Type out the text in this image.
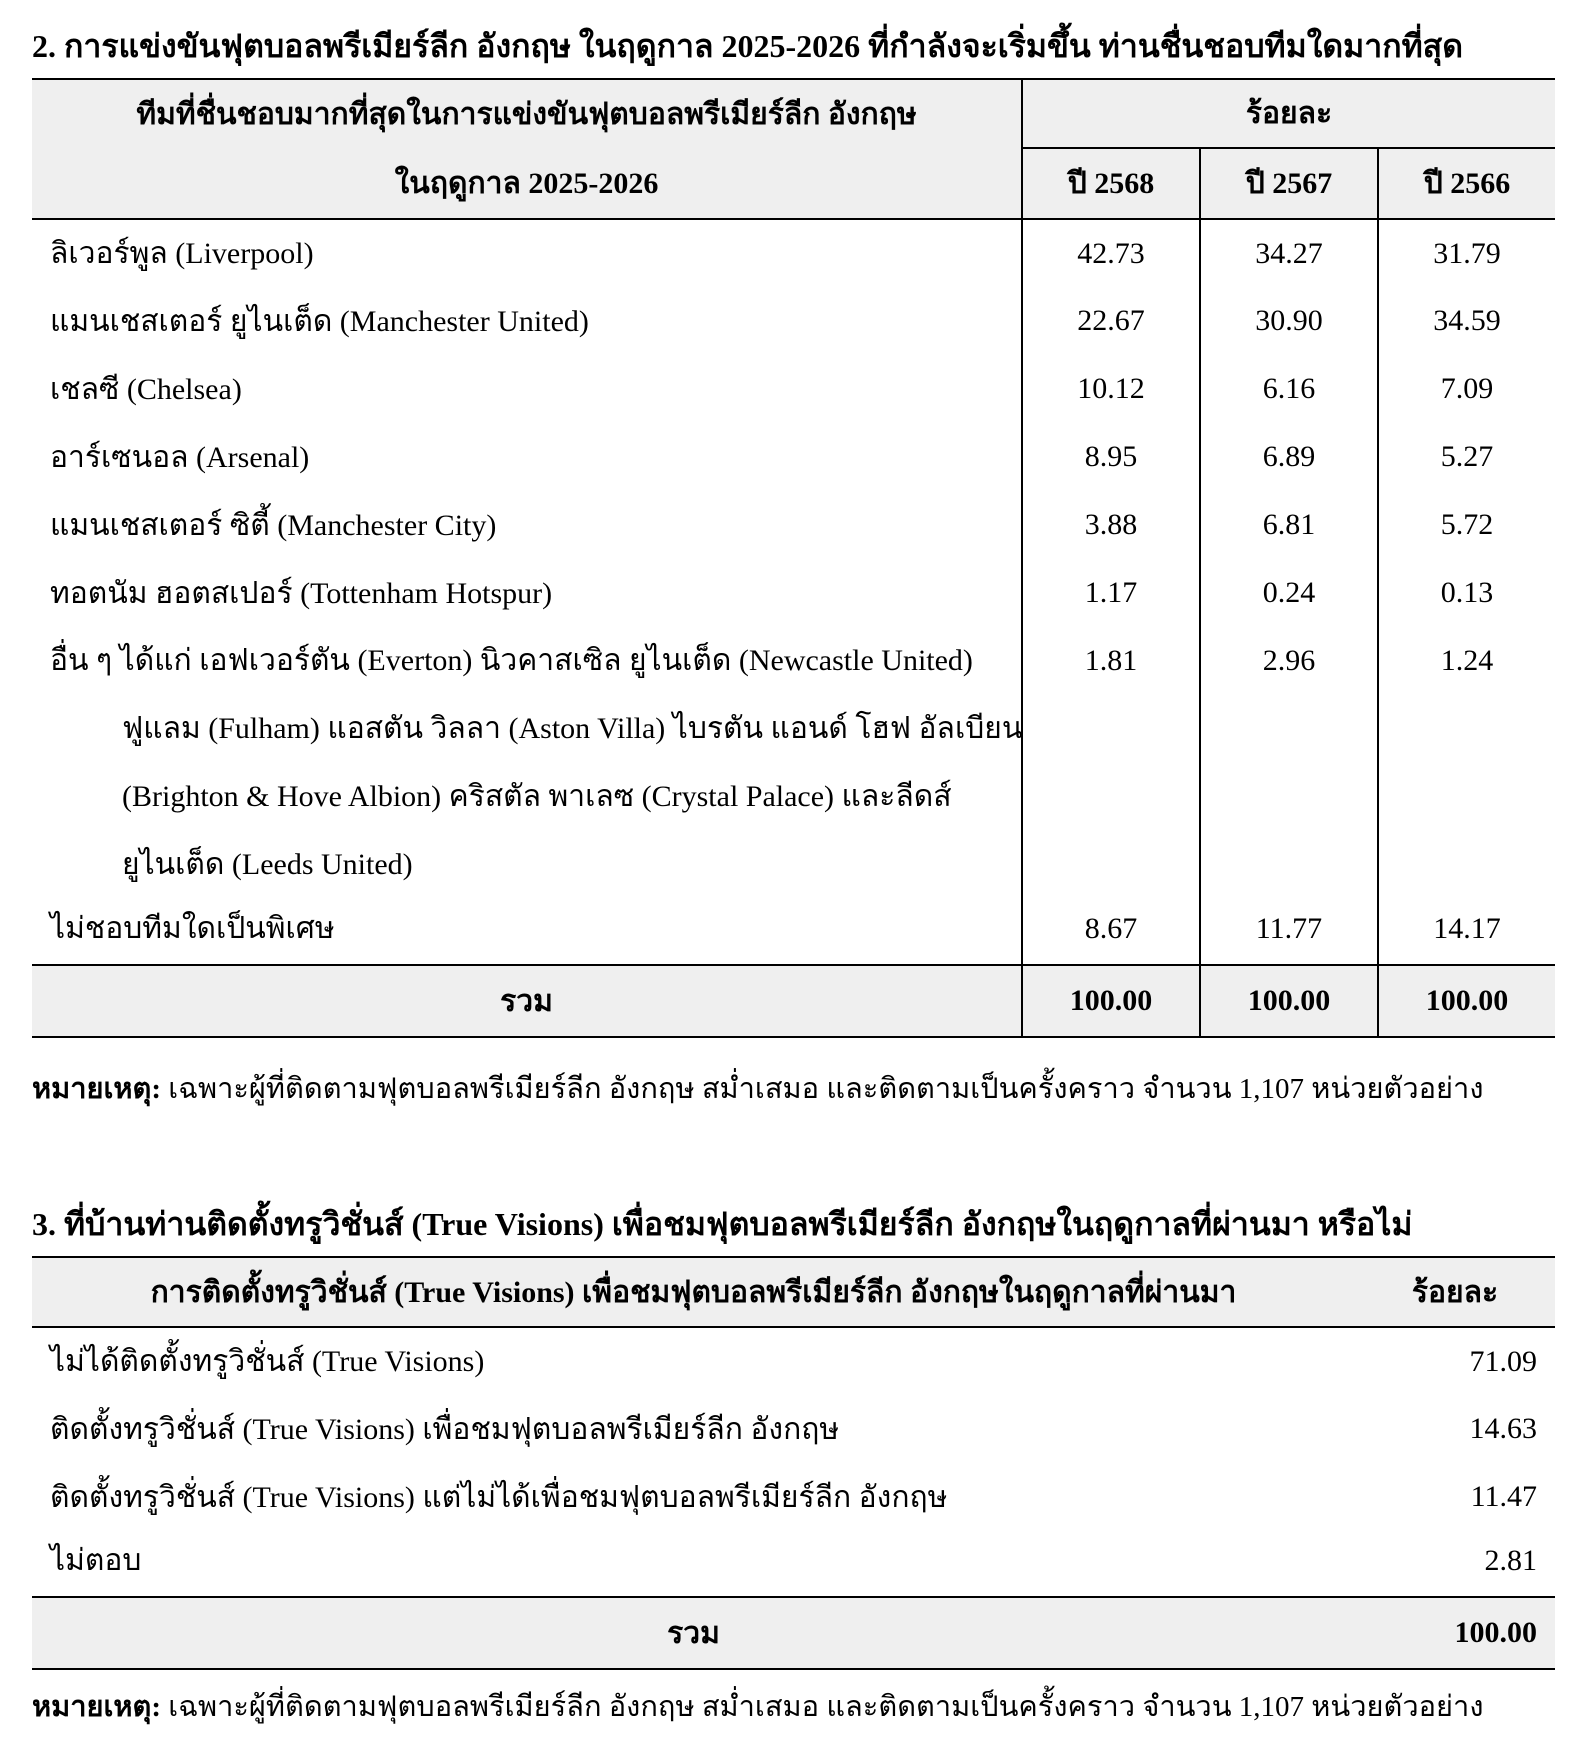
2. การแข่งขันฟุตบอลพรีเมียร์ลีก อังกฤษ ในฤดูกาล 2025-2026 ที่กำลังจะเริ่มขึ้น ท่านชื่นชอบทีมใดมากที่สุด
ทีมที่ชื่นชอบมากที่สุดในการแข่งขันฟุตบอลพรีเมียร์ลีก อังกฤษ
ในฤดูกาล 2025-2026	ร้อยละ		
	ปี 2568	ปี 2567	ปี 2566
ลิเวอร์พูล (Liverpool)	42.73	34.27	31.79
แมนเชสเตอร์ ยูไนเต็ด (Manchester United)	22.67	30.90	34.59
เชลซี (Chelsea)	10.12	6.16	7.09
อาร์เซนอล (Arsenal)	8.95	6.89	5.27
แมนเชสเตอร์ ซิตี้ (Manchester City)	3.88	6.81	5.72
ทอตนัม ฮอตสเปอร์ (Tottenham Hotspur)	1.17	0.24	0.13

อื่น ๆ ได้แก่ เอฟเวอร์ตัน (Everton) นิวคาสเซิล ยูไนเต็ด (Newcastle United)
ฟูแลม (Fulham) แอสตัน วิลลา (Aston Villa) ไบรตัน แอนด์ โฮฟ อัลเบียน
(Brighton & Hove Albion) คริสตัล พาเลซ (Crystal Palace) และลีดส์
ยูไนเต็ด (Leeds United)	1.81	2.96	1.24
ไม่ชอบทีมใดเป็นพิเศษ	8.67	11.77	14.17
รวม	100.00	100.00	100.00
หมายเหตุ: เฉพาะผู้ที่ติดตามฟุตบอลพรีเมียร์ลีก อังกฤษ สม่ำเสมอ และติดตามเป็นครั้งคราว จำนวน 1,107 หน่วยตัวอย่าง
3. ที่บ้านท่านติดตั้งทรูวิชั่นส์ (True Visions) เพื่อชมฟุตบอลพรีเมียร์ลีก อังกฤษในฤดูกาลที่ผ่านมา หรือไม่
การติดตั้งทรูวิชั่นส์ (True Visions) เพื่อชมฟุตบอลพรีเมียร์ลีก อังกฤษในฤดูกาลที่ผ่านมา	ร้อยละ
ไม่ได้ติดตั้งทรูวิชั่นส์ (True Visions)	71.09
ติดตั้งทรูวิชั่นส์ (True Visions) เพื่อชมฟุตบอลพรีเมียร์ลีก อังกฤษ	14.63
ติดตั้งทรูวิชั่นส์ (True Visions) แต่ไม่ได้เพื่อชมฟุตบอลพรีเมียร์ลีก อังกฤษ	11.47
ไม่ตอบ	2.81
รวม	100.00
หมายเหตุ: เฉพาะผู้ที่ติดตามฟุตบอลพรีเมียร์ลีก อังกฤษ สม่ำเสมอ และติดตามเป็นครั้งคราว จำนวน 1,107 หน่วยตัวอย่าง
